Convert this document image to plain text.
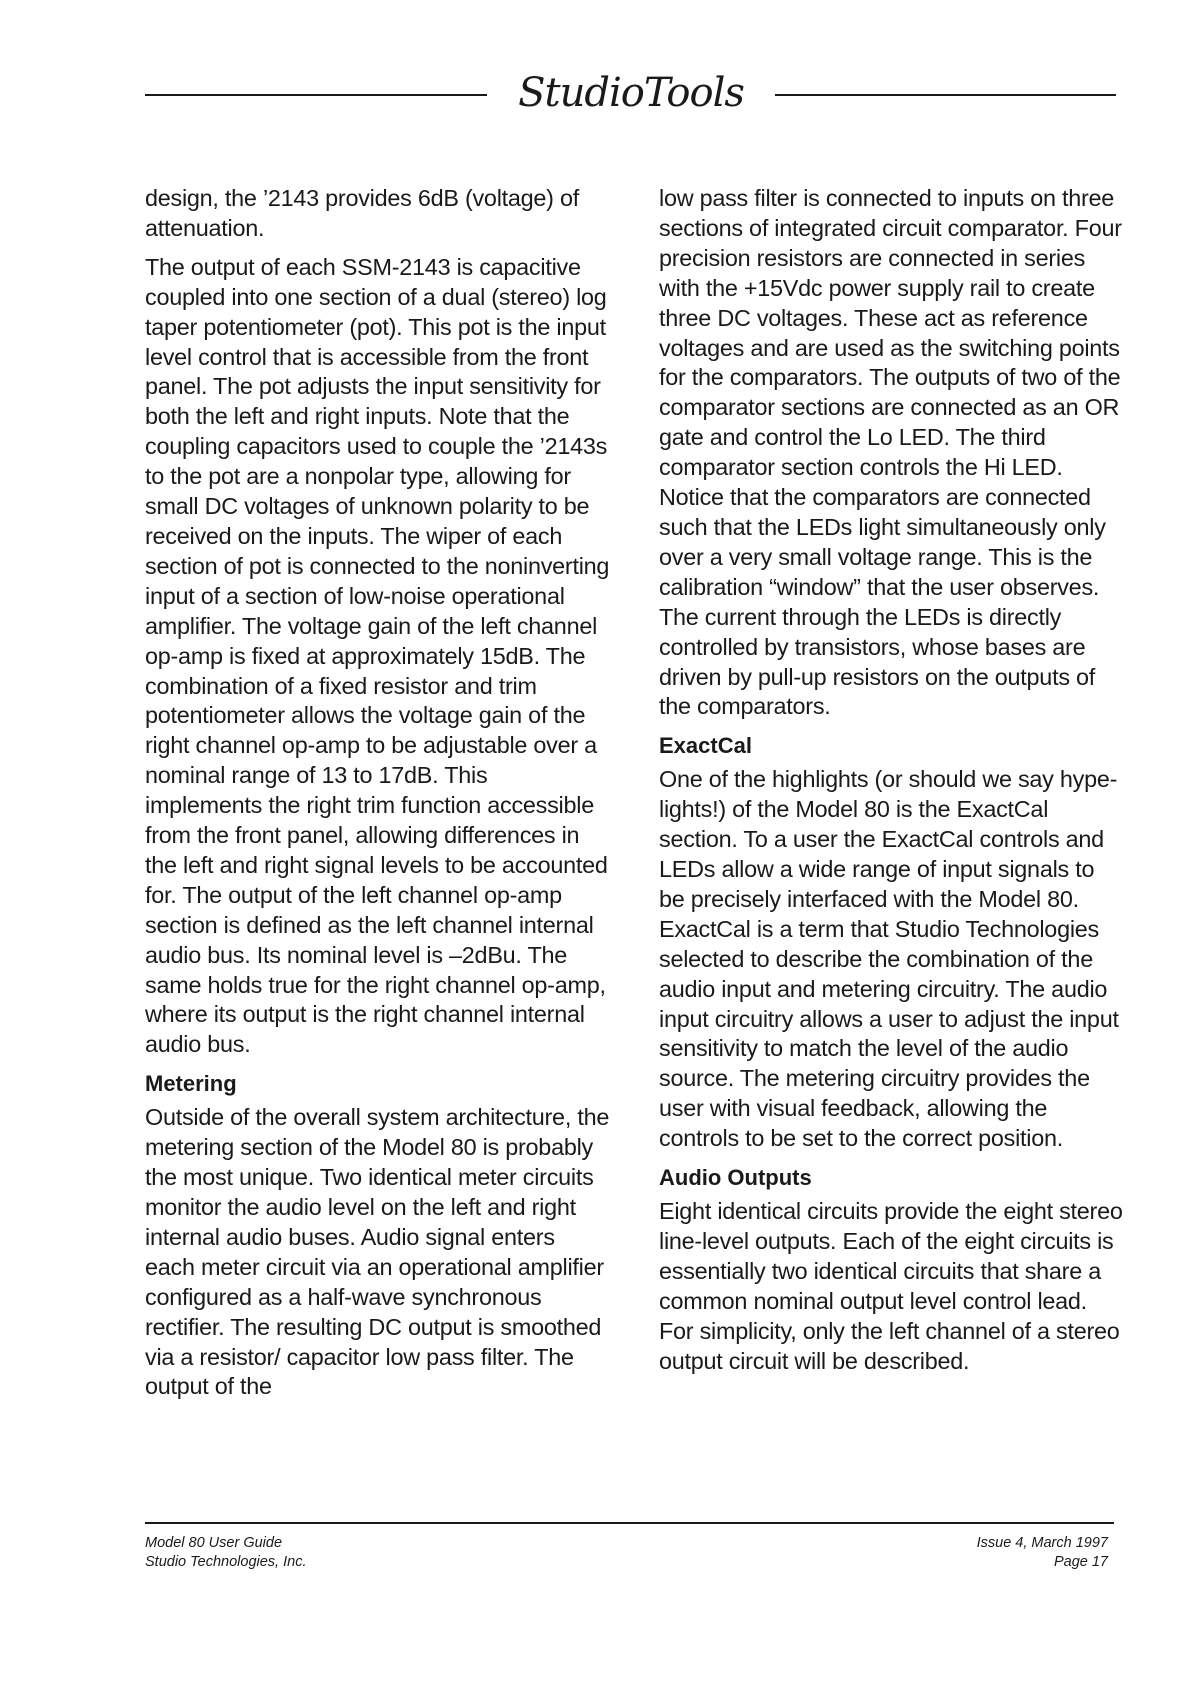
StudioTools

design, the ’2143 provides 6dB (voltage) of attenuation.

The output of each SSM-2143 is capacitive coupled into one section of a dual (stereo) log taper potentiometer (pot). This pot is the input level control that is accessible from the front panel. The pot adjusts the input sensitivity for both the left and right inputs. Note that the coupling capacitors used to couple the ’2143s to the pot are a nonpolar type, allowing for small DC voltages of unknown polarity to be received on the inputs. The wiper of each section of pot is connected to the noninverting input of a section of low-noise operational amplifier. The voltage gain of the left channel op-amp is fixed at approximately 15dB. The combination of a fixed resistor and trim potentiometer allows the voltage gain of the right channel op-amp to be adjustable over a nominal range of 13 to 17dB. This implements the right trim function accessible from the front panel, allowing differences in the left and right signal levels to be accounted for. The output of the left channel op-amp section is defined as the left channel internal audio bus. Its nominal level is –2dBu. The same holds true for the right channel op-amp, where its output is the right channel internal audio bus.

Metering

Outside of the overall system architecture, the metering section of the Model 80 is probably the most unique. Two identical meter circuits monitor the audio level on the left and right internal audio buses. Audio signal enters each meter circuit via an operational amplifier configured as a half-wave synchronous rectifier. The resulting DC output is smoothed via a resistor/ capacitor low pass filter. The output of the

low pass filter is connected to inputs on three sections of integrated circuit comparator. Four precision resistors are connected in series with the +15Vdc power supply rail to create three DC voltages. These act as reference voltages and are used as the switching points for the comparators. The outputs of two of the comparator sections are connected as an OR gate and control the Lo LED. The third comparator section controls the Hi LED. Notice that the comparators are connected such that the LEDs light simultaneously only over a very small voltage range. This is the calibration “window” that the user observes. The current through the LEDs is directly controlled by transistors, whose bases are driven by pull-up resistors on the outputs of the comparators.

ExactCal

One of the highlights (or should we say hype-lights!) of the Model 80 is the ExactCal section. To a user the ExactCal controls and LEDs allow a wide range of input signals to be precisely interfaced with the Model 80. ExactCal is a term that Studio Technologies selected to describe the combination of the audio input and metering circuitry. The audio input circuitry allows a user to adjust the input sensitivity to match the level of the audio source. The metering circuitry provides the user with visual feedback, allowing the controls to be set to the correct position.

Audio Outputs

Eight identical circuits provide the eight stereo line-level outputs. Each of the eight circuits is essentially two identical circuits that share a common nominal output level control lead. For simplicity, only the left channel of a stereo output circuit will be described.

Model 80 User Guide
Studio Technologies, Inc.
Issue 4, March 1997
Page 17
